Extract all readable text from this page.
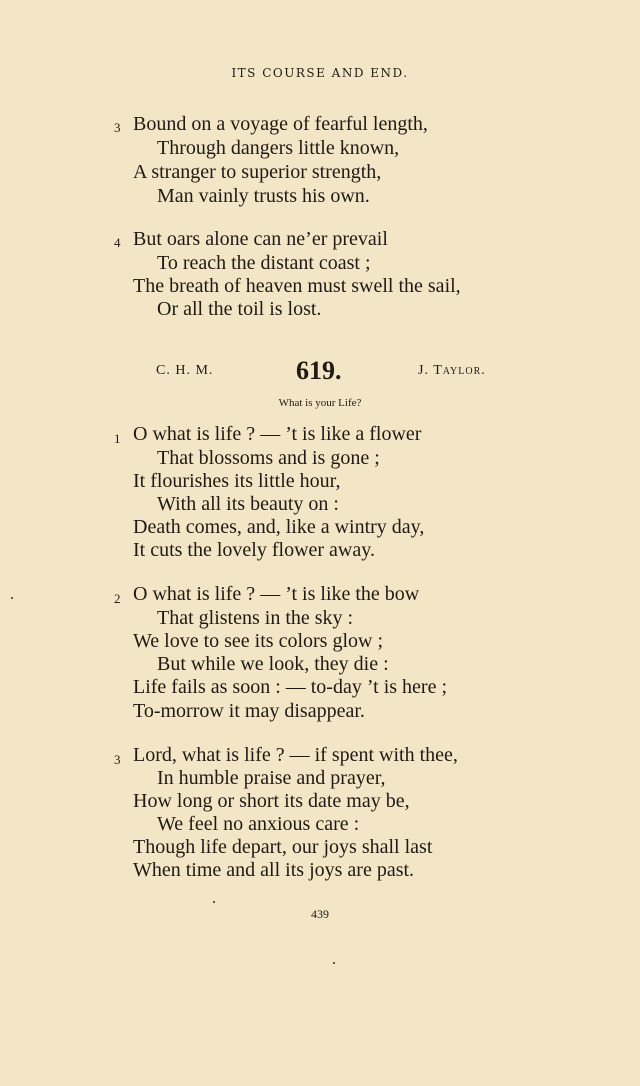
ITS COURSE AND END.
3 Bound on a voyage of fearful length,
Through dangers little known,
A stranger to superior strength,
Man vainly trusts his own.
4 But oars alone can ne’er prevail
To reach the distant coast ;
The breath of heaven must swell the sail,
Or all the toil is lost.
C. H. M.	619.	J. Taylor.
What is your Life?
1 O what is life ? — ’t is like a flower
That blossoms and is gone ;
It flourishes its little hour,
With all its beauty on :
Death comes, and, like a wintry day,
It cuts the lovely flower away.
2 O what is life ? — ’t is like the bow
That glistens in the sky :
We love to see its colors glow ;
But while we look, they die :
Life fails as soon : — to-day ’t is here ;
To-morrow it may disappear.
3 Lord, what is life ? — if spent with thee,
In humble praise and prayer,
How long or short its date may be,
We feel no anxious care :
Though life depart, our joys shall last
When time and all its joys are past.
439
